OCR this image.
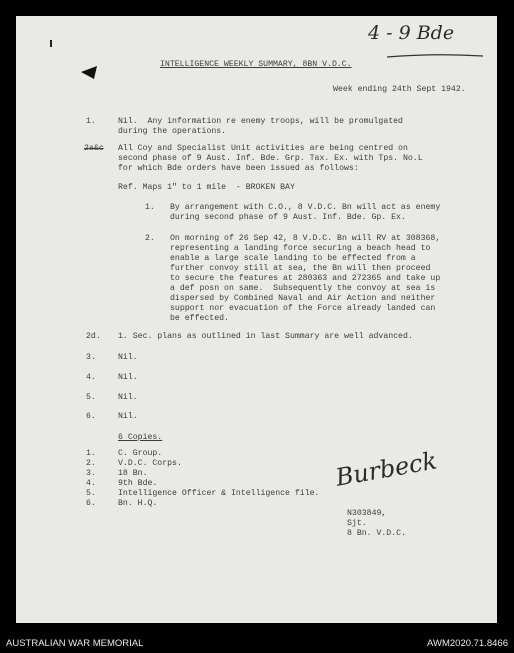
4 - 9 Bde
INTELLIGENCE WEEKLY SUMMARY, 8BN V.D.C.
Week ending 24th Sept 1942.
1.	Nil.  Any information re enemy troops, will be promulgated
during the operations.
2a&c All Coy and Specialist Unit activities are being centred on
second phase of 9 Aust. Inf. Bde. Grp. Tax. Ex. with Tps. No.L
for which Bde orders have been issued as follows:
Ref. Maps 1" to 1 mile  - BROKEN BAY
1. By arrangement with C.O., 8 V.D.C. Bn will act as enemy
during second phase of 9 Aust. Inf. Bde. Gp. Ex.
2. On morning of 26 Sep 42, 8 V.D.C. Bn will RV at 308368,
representing a landing force securing a beach head to
enable a large scale landing to be effected from a
further convoy still at sea, the Bn will then proceed
to secure the features at 280363 and 272365 and take up
a def posn on same.  Subsequently the convoy at sea is
dispersed by Combined Naval and Air Action and neither
support nor evacuation of the Force already landed can
be effected.
2d. 1. Sec. plans as outlined in last Summary are well advanced.
3.	Nil.
4.	Nil.
5.	Nil.
6.	Nil.
6 Copies.
1.	C. Group.
2.	V.D.C. Corps.
3.	18 Bn.
4.	9th Bde.
5.	Intelligence Officer & Intelligence file.
6.	Bn. H.Q.
Burbeck
N303849,
Sjt.
8 Bn. V.D.C.
AUSTRALIAN WAR MEMORIAL	AWM2020.71.8466
